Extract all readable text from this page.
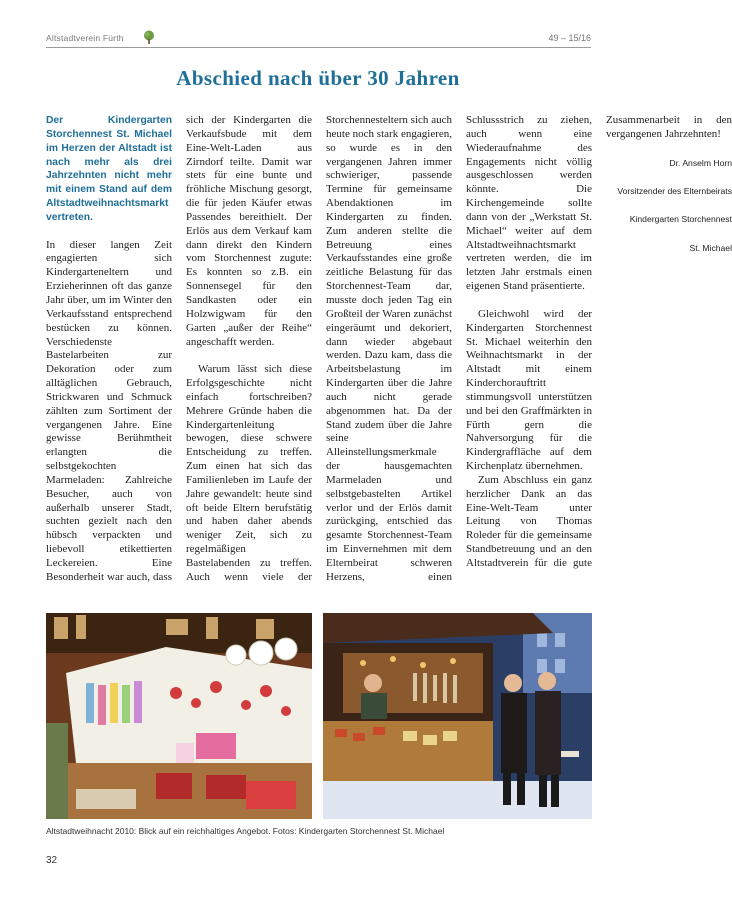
Altstadtverein Fürth	49 – 15/16
Abschied nach über 30 Jahren

Der Kindergarten Storchennest St. Michael im Herzen der Altstadt ist nach mehr als drei Jahrzehnten nicht mehr mit einem Stand auf dem Altstadtweihnachtsmarkt vertreten.

In dieser langen Zeit engagierten sich Kindergarteneltern und Erzieherinnen oft das ganze Jahr über, um im Winter den Verkaufsstand entsprechend bestücken zu können. Verschiedenste Bastelarbeiten zur Dekoration oder zum alltäglichen Gebrauch, Strickwaren und Schmuck zählten zum Sortiment der vergangenen Jahre. Eine gewisse Berühmtheit erlangten die selbstgekochten Marmeladen: Zahlreiche Besucher, auch von außerhalb unserer Stadt, suchten gezielt nach den hübsch verpackten und liebevoll etikettierten Leckereien. Eine Besonderheit war auch, dass sich der Kindergarten die Verkaufsbude mit dem Eine-Welt-Laden aus Zirndorf teilte. Damit war stets für eine bunte und fröhliche Mischung gesorgt, die für jeden Käufer etwas Passendes bereithielt. Der Erlös aus dem Verkauf kam dann direkt den Kindern vom Storchennest zugute: Es konnten so z.B. ein Sonnensegel für den Sandkasten oder ein Holzwigwam für den Garten „außer der Reihe“ angeschafft werden.

Warum lässt sich diese Erfolgsgeschichte nicht einfach fortschreiben? Mehrere Gründe haben die Kindergartenleitung bewogen, diese schwere Entscheidung zu treffen. Zum einen hat sich das Familienleben im Laufe der Jahre gewandelt: heute sind oft beide Eltern berufstätig und haben daher abends weniger Zeit, sich zu regelmäßigen Bastelabenden zu treffen. Auch wenn viele der Storchennesteltern sich auch heute noch stark engagieren, so wurde es in den vergangenen Jahren immer schwieriger, passende Termine für gemeinsame Abendaktionen im Kindergarten zu finden. Zum anderen stellte die Betreuung eines Verkaufsstandes eine große zeitliche Belastung für das Storchennest-Team dar, musste doch jeden Tag ein Großteil der Waren zunächst eingeräumt und dekoriert, dann wieder abgebaut werden. Dazu kam, dass die Arbeitsbelastung im Kindergarten über die Jahre auch nicht gerade abgenommen hat. Da der Stand zudem über die Jahre seine Alleinstellungsmerkmale der hausgemachten Marmeladen und selbstgebastelten Artikel verlor und der Erlös damit zurückging, entschied das gesamte Storchennest-Team im Einvernehmen mit dem Elternbeirat schweren Herzens, einen Schlussstrich zu ziehen, auch wenn eine Wiederaufnahme des Engagements nicht völlig ausgeschlossen werden könnte. Die Kirchengemeinde sollte dann von der „Werkstatt St. Michael“ weiter auf dem Altstadtweihnachtsmarkt vertreten werden, die im letzten Jahr erstmals einen eigenen Stand präsentierte.

Gleichwohl wird der Kindergarten Storchennest St. Michael weiterhin den Weihnachtsmarkt in der Altstadt mit einem Kinderchorauftritt stimmungsvoll unterstützen und bei den Graffmärkten in Fürth gern die Nahversorgung für die Kindergraffläche auf dem Kirchenplatz übernehmen.

Zum Abschluss ein ganz herzlicher Dank an das Eine-Welt-Team unter Leitung von Thomas Roleder für die gemeinsame Standbetreuung und an den Altstadtverein für die gute Zusammenarbeit in den vergangenen Jahrzehnten!

Dr. Anselm Horn

Vorsitzender des Elternbeirats

Kindergarten Storchennest

St. Michael

Altstadtweihnacht 2010: Blick auf ein reichhaltiges Angebot. Fotos: Kindergarten Storchennest St. Michael
32
